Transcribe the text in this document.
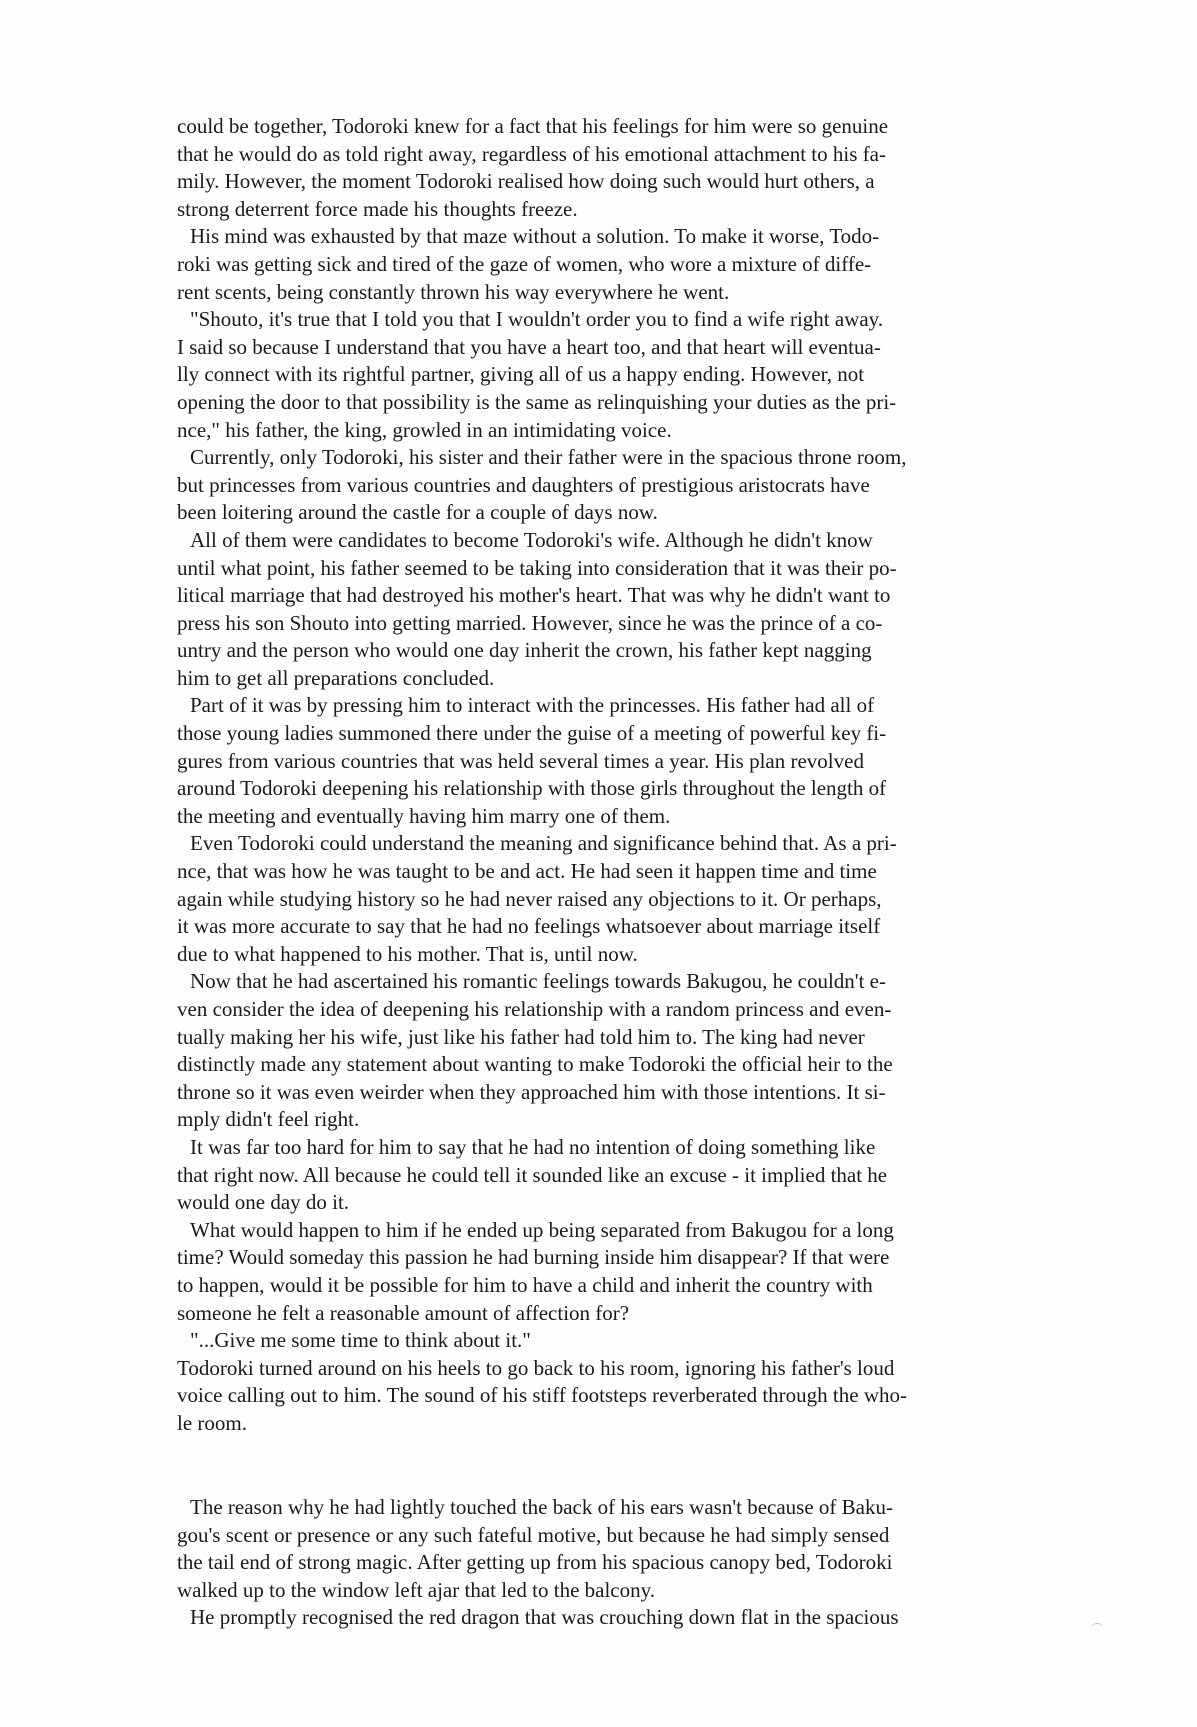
could be together, Todoroki knew for a fact that his feelings for him were so genuine
that he would do as told right away, regardless of his emotional attachment to his fa-
mily. However, the moment Todoroki realised how doing such would hurt others, a
strong deterrent force made his thoughts freeze.
His mind was exhausted by that maze without a solution. To make it worse, Todo-
roki was getting sick and tired of the gaze of women, who wore a mixture of diffe-
rent scents, being constantly thrown his way everywhere he went.
"Shouto, it's true that I told you that I wouldn't order you to find a wife right away.
I said so because I understand that you have a heart too, and that heart will eventua-
lly connect with its rightful partner, giving all of us a happy ending. However, not
opening the door to that possibility is the same as relinquishing your duties as the pri-
nce," his father, the king, growled in an intimidating voice.
Currently, only Todoroki, his sister and their father were in the spacious throne room,
but princesses from various countries and daughters of prestigious aristocrats have
been loitering around the castle for a couple of days now.
All of them were candidates to become Todoroki's wife. Although he didn't know
until what point, his father seemed to be taking into consideration that it was their po-
litical marriage that had destroyed his mother's heart. That was why he didn't want to
press his son Shouto into getting married. However, since he was the prince of a co-
untry and the person who would one day inherit the crown, his father kept nagging
him to get all preparations concluded.
Part of it was by pressing him to interact with the princesses. His father had all of
those young ladies summoned there under the guise of a meeting of powerful key fi-
gures from various countries that was held several times a year. His plan revolved
around Todoroki deepening his relationship with those girls throughout the length of
the meeting and eventually having him marry one of them.
Even Todoroki could understand the meaning and significance behind that. As a pri-
nce, that was how he was taught to be and act. He had seen it happen time and time
again while studying history so he had never raised any objections to it. Or perhaps,
it was more accurate to say that he had no feelings whatsoever about marriage itself
due to what happened to his mother. That is, until now.
Now that he had ascertained his romantic feelings towards Bakugou, he couldn't e-
ven consider the idea of deepening his relationship with a random princess and even-
tually making her his wife, just like his father had told him to. The king had never
distinctly made any statement about wanting to make Todoroki the official heir to the
throne so it was even weirder when they approached him with those intentions. It si-
mply didn't feel right.
It was far too hard for him to say that he had no intention of doing something like
that right now. All because he could tell it sounded like an excuse - it implied that he
would one day do it.
What would happen to him if he ended up being separated from Bakugou for a long
time? Would someday this passion he had burning inside him disappear? If that were
to happen, would it be possible for him to have a child and inherit the country with
someone he felt a reasonable amount of affection for?
"...Give me some time to think about it."
Todoroki turned around on his heels to go back to his room, ignoring his father's loud
voice calling out to him. The sound of his stiff footsteps reverberated through the who-
le room.
The reason why he had lightly touched the back of his ears wasn't because of Baku-
gou's scent or presence or any such fateful motive, but because he had simply sensed
the tail end of strong magic. After getting up from his spacious canopy bed, Todoroki
walked up to the window left ajar that led to the balcony.
He promptly recognised the red dragon that was crouching down flat in the spacious
